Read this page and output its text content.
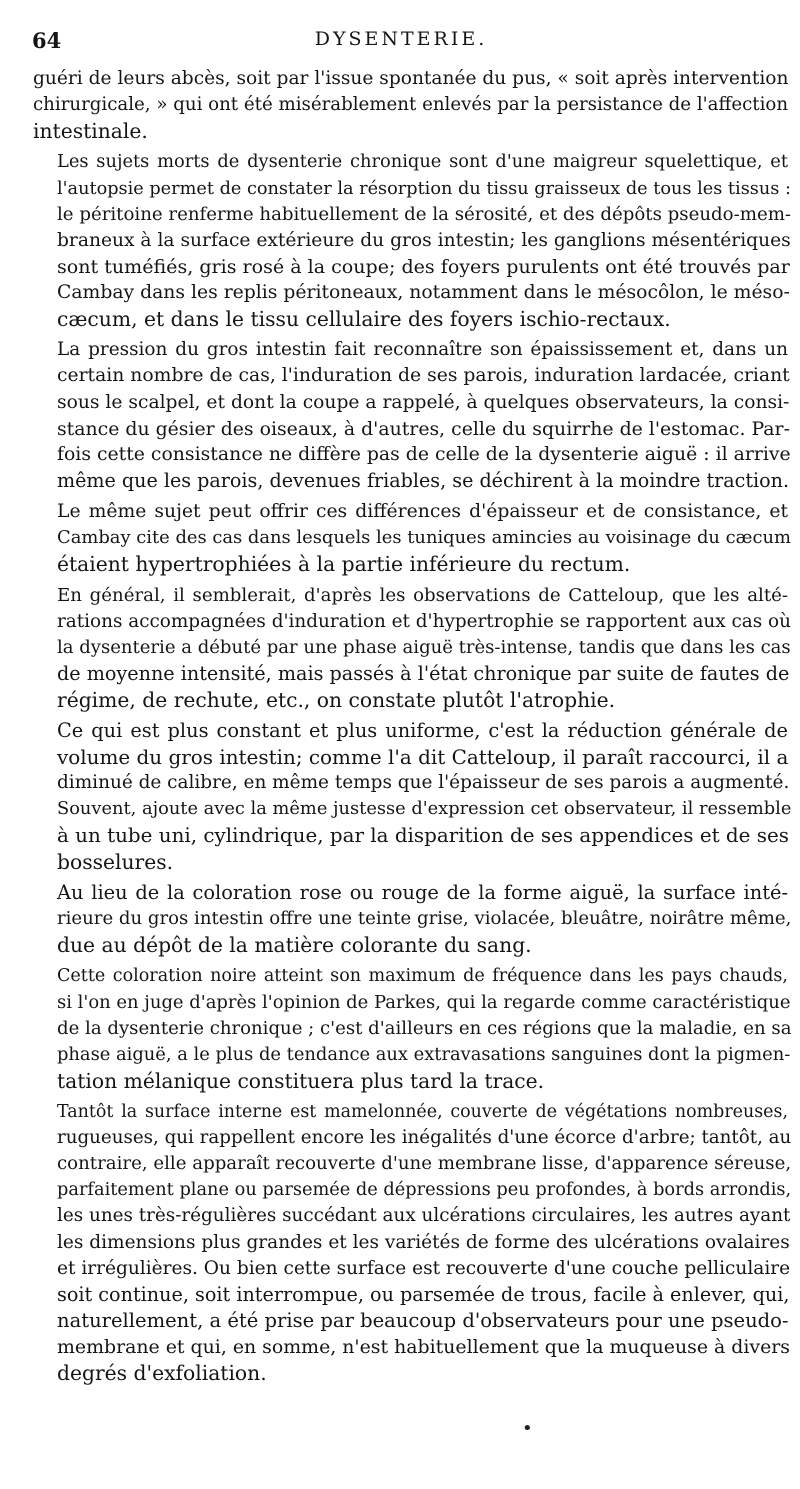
64	DYSENTERIE.

guéri de leurs abcès, soit par l'issue spontanée du pus, « soit après intervention
chirurgicale, » qui ont été misérablement enlevés par la persistance de l'affection
intestinale.

Les sujets morts de dysenterie chronique sont d'une maigreur squelettique, et
l'autopsie permet de constater la résorption du tissu graisseux de tous les tissus :
le péritoine renferme habituellement de la sérosité, et des dépôts pseudo-mem-
braneux à la surface extérieure du gros intestin; les ganglions mésentériques
sont tuméfiés, gris rosé à la coupe; des foyers purulents ont été trouvés par
Cambay dans les replis péritoneaux, notamment dans le mésocôlon, le méso-
cæcum, et dans le tissu cellulaire des foyers ischio-rectaux.

La pression du gros intestin fait reconnaître son épaississement et, dans un
certain nombre de cas, l'induration de ses parois, induration lardacée, criant
sous le scalpel, et dont la coupe a rappelé, à quelques observateurs, la consi-
stance du gésier des oiseaux, à d'autres, celle du squirrhe de l'estomac. Par-
fois cette consistance ne diffère pas de celle de la dysenterie aiguë : il arrive
même que les parois, devenues friables, se déchirent à la moindre traction.

Le même sujet peut offrir ces différences d'épaisseur et de consistance, et
Cambay cite des cas dans lesquels les tuniques amincies au voisinage du cæcum
étaient hypertrophiées à la partie inférieure du rectum.

En général, il semblerait, d'après les observations de Catteloup, que les alté-
rations accompagnées d'induration et d'hypertrophie se rapportent aux cas où
la dysenterie a débuté par une phase aiguë très-intense, tandis que dans les cas
de moyenne intensité, mais passés à l'état chronique par suite de fautes de
régime, de rechute, etc., on constate plutôt l'atrophie.

Ce qui est plus constant et plus uniforme, c'est la réduction générale de
volume du gros intestin; comme l'a dit Catteloup, il paraît raccourci, il a
diminué de calibre, en même temps que l'épaisseur de ses parois a augmenté.
Souvent, ajoute avec la même justesse d'expression cet observateur, il ressemble
à un tube uni, cylindrique, par la disparition de ses appendices et de ses
bosselures.

Au lieu de la coloration rose ou rouge de la forme aiguë, la surface inté-
rieure du gros intestin offre une teinte grise, violacée, bleuâtre, noirâtre même,
due au dépôt de la matière colorante du sang.

Cette coloration noire atteint son maximum de fréquence dans les pays chauds,
si l'on en juge d'après l'opinion de Parkes, qui la regarde comme caractéristique
de la dysenterie chronique ; c'est d'ailleurs en ces régions que la maladie, en sa
phase aiguë, a le plus de tendance aux extravasations sanguines dont la pigmen-
tation mélanique constituera plus tard la trace.

Tantôt la surface interne est mamelonnée, couverte de végétations nombreuses,
rugueuses, qui rappellent encore les inégalités d'une écorce d'arbre; tantôt, au
contraire, elle apparaît recouverte d'une membrane lisse, d'apparence séreuse,
parfaitement plane ou parsemée de dépressions peu profondes, à bords arrondis,
les unes très-régulières succédant aux ulcérations circulaires, les autres ayant
les dimensions plus grandes et les variétés de forme des ulcérations ovalaires
et irrégulières. Ou bien cette surface est recouverte d'une couche pelliculaire
soit continue, soit interrompue, ou parsemée de trous, facile à enlever, qui,
naturellement, a été prise par beaucoup d'observateurs pour une pseudo-
membrane et qui, en somme, n'est habituellement que la muqueuse à divers
degrés d'exfoliation.

•
